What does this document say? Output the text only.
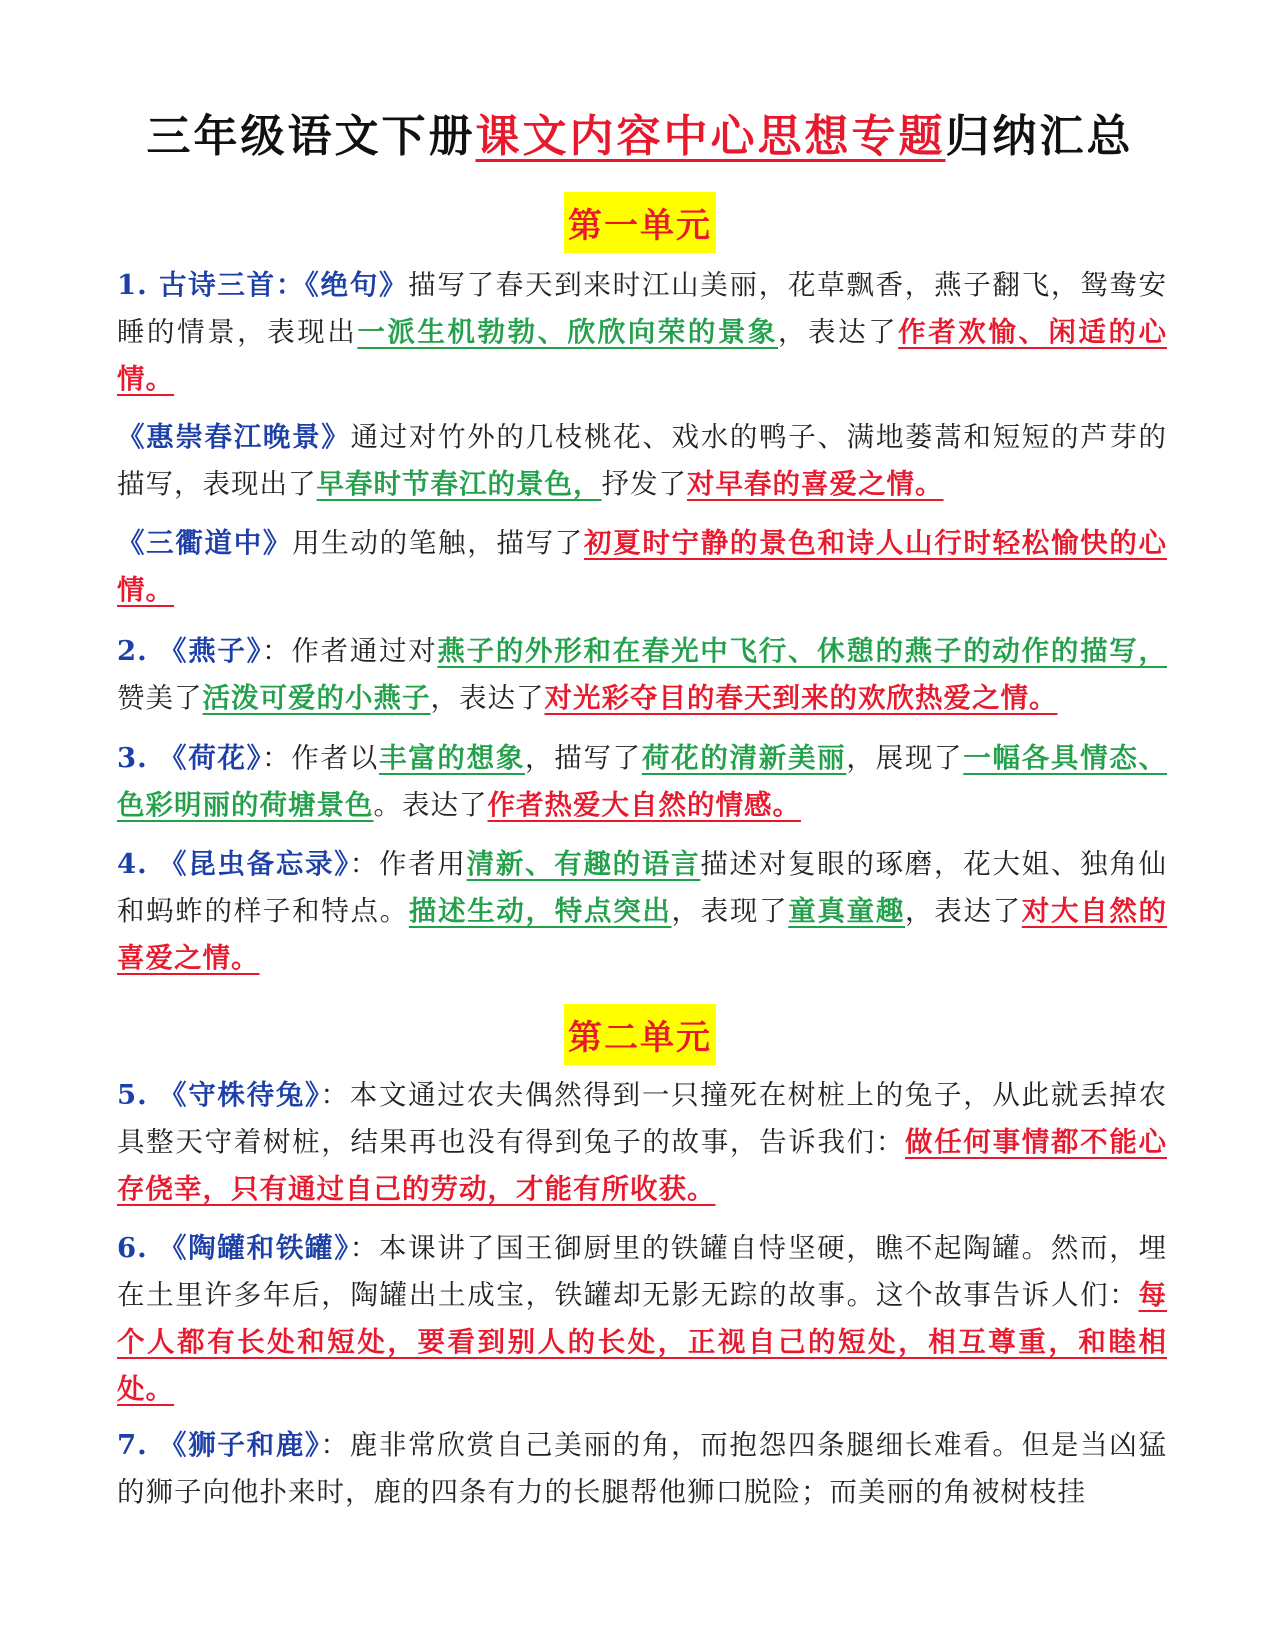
三年级语文下册课文内容中心思想专题归纳汇总
第一单元
1. 古诗三首：《绝句》描写了春天到来时江山美丽，花草飘香，燕子翻飞，鸳鸯安睡的情景，表现出一派生机勃勃、欣欣向荣的景象，表达了作者欢愉、闲适的心情。
《惠崇春江晚景》通过对竹外的几枝桃花、戏水的鸭子、满地蒌蒿和短短的芦芽的描写，表现出了早春时节春江的景色，抒发了对早春的喜爱之情。
《三衢道中》用生动的笔触，描写了初夏时宁静的景色和诗人山行时轻松愉快的心情。
2. 《燕子》：作者通过对燕子的外形和在春光中飞行、休憩的燕子的动作的描写，赞美了活泼可爱的小燕子，表达了对光彩夺目的春天到来的欢欣热爱之情。
3. 《荷花》：作者以丰富的想象，描写了荷花的清新美丽，展现了一幅各具情态、色彩明丽的荷塘景色。表达了作者热爱大自然的情感。
4. 《昆虫备忘录》：作者用清新、有趣的语言描述对复眼的琢磨，花大姐、独角仙和蚂蚱的样子和特点。描述生动，特点突出，表现了童真童趣，表达了对大自然的喜爱之情。
第二单元
5. 《守株待兔》：本文通过农夫偶然得到一只撞死在树桩上的兔子，从此就丢掉农具整天守着树桩，结果再也没有得到兔子的故事，告诉我们：做任何事情都不能心存侥幸，只有通过自己的劳动，才能有所收获。
6. 《陶罐和铁罐》：本课讲了国王御厨里的铁罐自恃坚硬，瞧不起陶罐。然而，埋在土里许多年后，陶罐出土成宝，铁罐却无影无踪的故事。这个故事告诉人们：每个人都有长处和短处，要看到别人的长处，正视自己的短处，相互尊重，和睦相处。
7. 《狮子和鹿》：鹿非常欣赏自己美丽的角，而抱怨四条腿细长难看。但是当凶猛的狮子向他扑来时，鹿的四条有力的长腿帮他狮口脱险；而美丽的角被树枝挂
